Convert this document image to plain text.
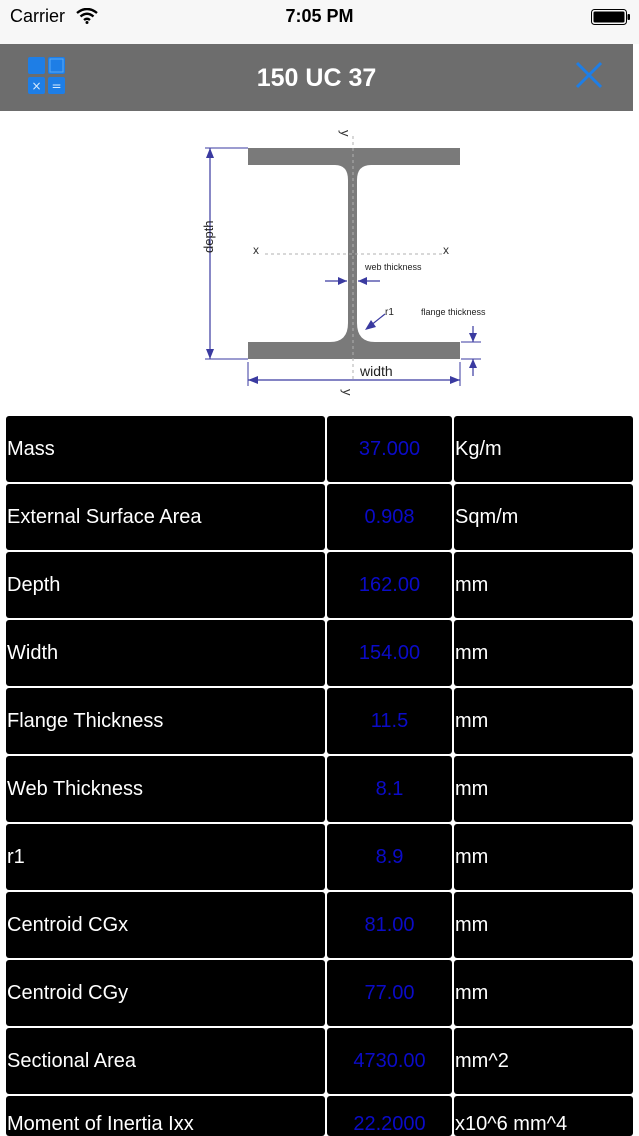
Carrier	7:05 PM
× =	150 UC 37
y
y
x	x
depth
width
web thickness
r1	flange thickness
Mass	37.000	Kg/m
External Surface Area	0.908	Sqm/m
Depth	162.00	mm
Width	154.00	mm
Flange Thickness	11.5	mm
Web Thickness	8.1	mm
r1	8.9	mm
Centroid CGx	81.00	mm
Centroid CGy	77.00	mm
Sectional Area	4730.00	mm^2
Moment of Inertia Ixx	22.2000	x10^6 mm^4
